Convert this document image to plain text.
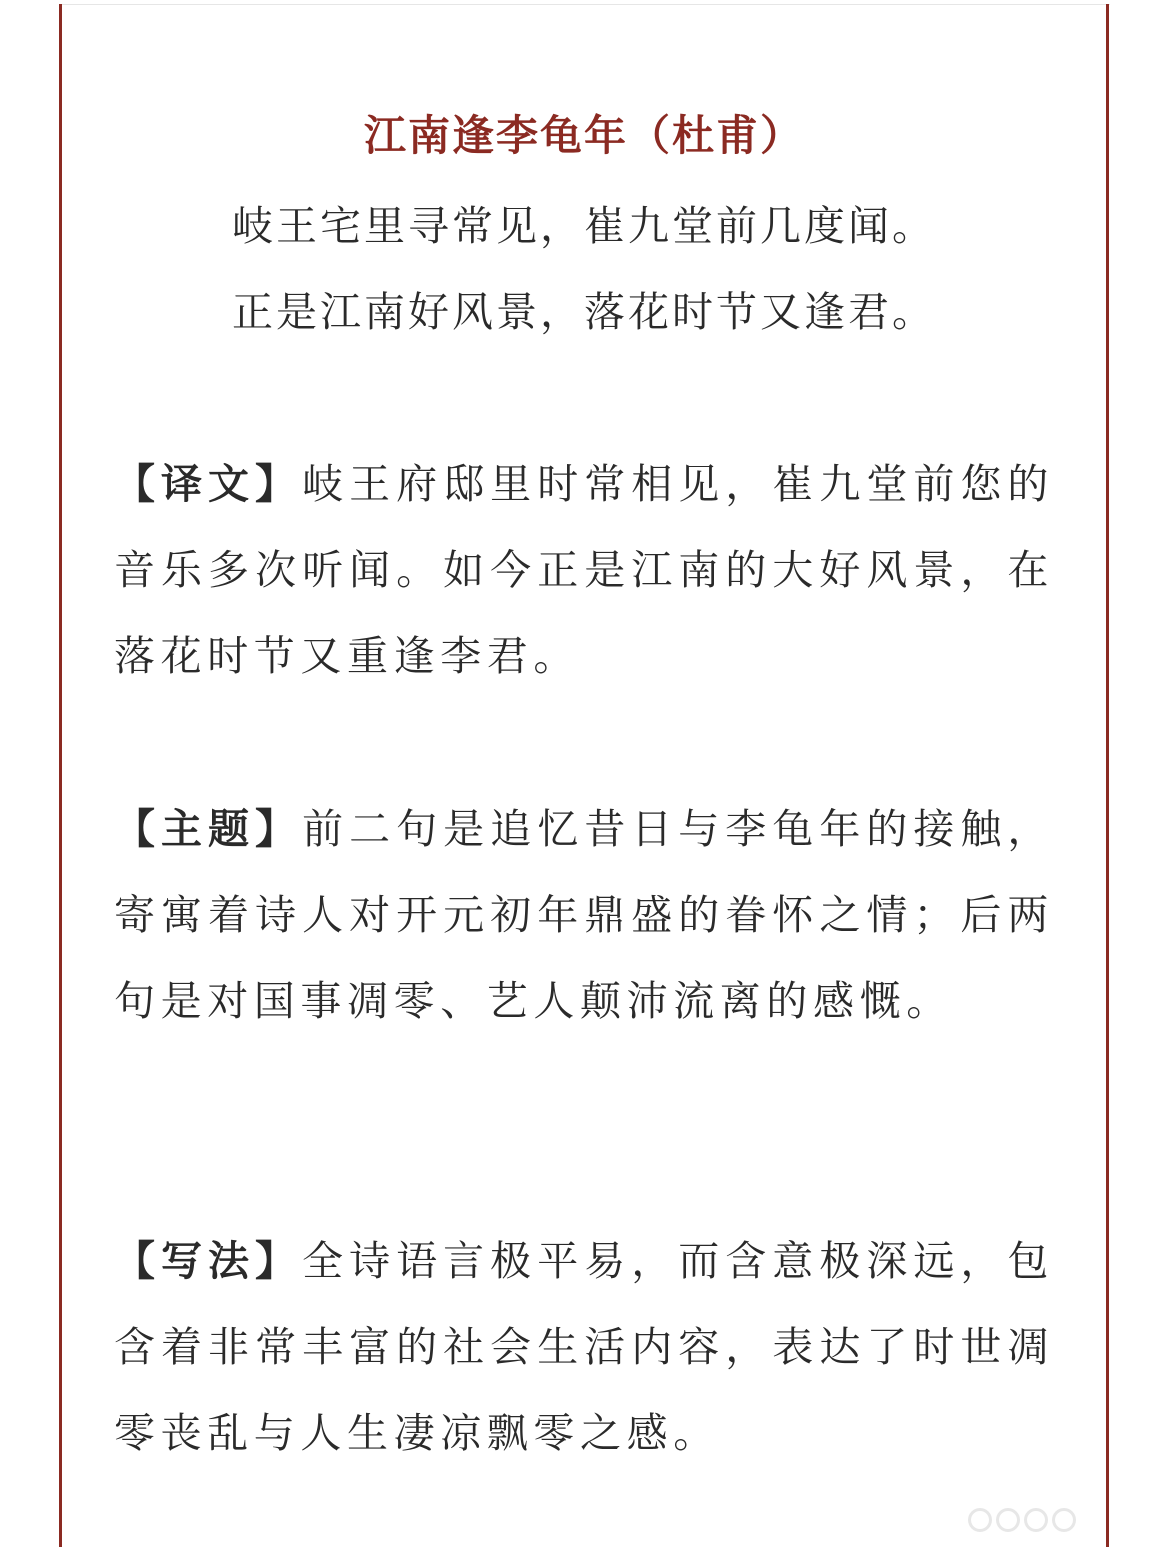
江南逢李龟年（杜甫）
岐王宅里寻常见，崔九堂前几度闻。
正是江南好风景，落花时节又逢君。
【译文】岐王府邸里时常相见，崔九堂前您的音乐多次听闻。如今正是江南的大好风景，在落花时节又重逢李君。
【主题】前二句是追忆昔日与李龟年的接触，寄寓着诗人对开元初年鼎盛的眷怀之情；后两句是对国事凋零、艺人颠沛流离的感慨。
【写法】全诗语言极平易，而含意极深远，包含着非常丰富的社会生活内容，表达了时世凋零丧乱与人生凄凉飘零之感。
